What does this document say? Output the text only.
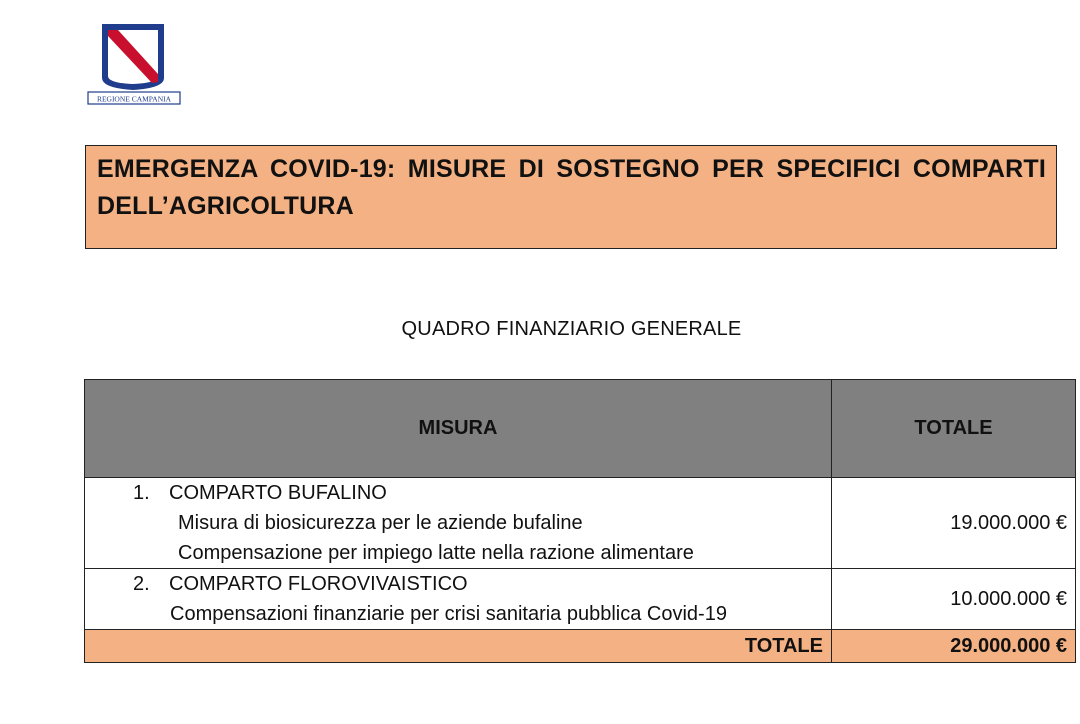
REGIONE CAMPANIA
EMERGENZA COVID-19: MISURE DI SOSTEGNO PER SPECIFICI COMPARTI DELL’AGRICOLTURA
QUADRO FINANZIARIO GENERALE
MISURA	TOTALE

1. COMPARTO BUFALINO
Misura di biosicurezza per le aziende bufaline
Compensazione per impiego latte nella razione alimentare	19.000.000 €

2. COMPARTO FLOROVIVAISTICO
Compensazioni finanziarie per crisi sanitaria pubblica Covid-19	10.000.000 €
TOTALE	29.000.000 €
